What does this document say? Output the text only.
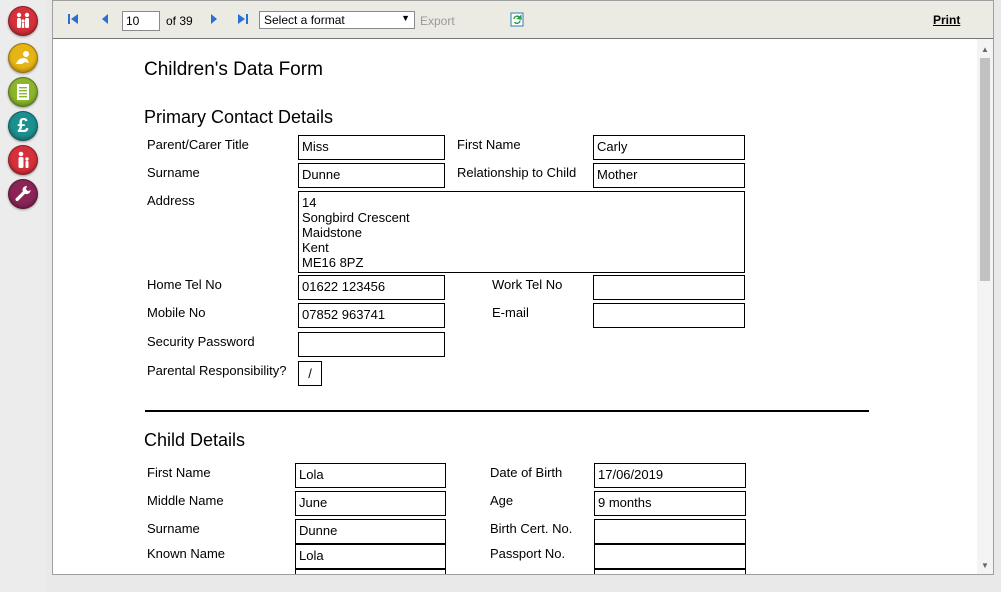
£
10
of 39	Select a format	▼ Export	Print
Children's Data Form
Primary Contact Details
Parent/Carer Title	Miss	First Name	Carly
Surname	Dunne	Relationship to Child	Mother
Address	14
Songbird Crescent
Maidstone
Kent
ME16 8PZ
Home Tel No	01622 123456	Work Tel No
Mobile No	07852 963741	E-mail
Security Password
Parental Responsibility?	/
Child Details
First Name	Lola	Date of Birth	17/06/2019
Middle Name	June	Age	9 months
Surname	Dunne	Birth Cert. No.
Known Name	Lola	Passport No.
▲
▼
